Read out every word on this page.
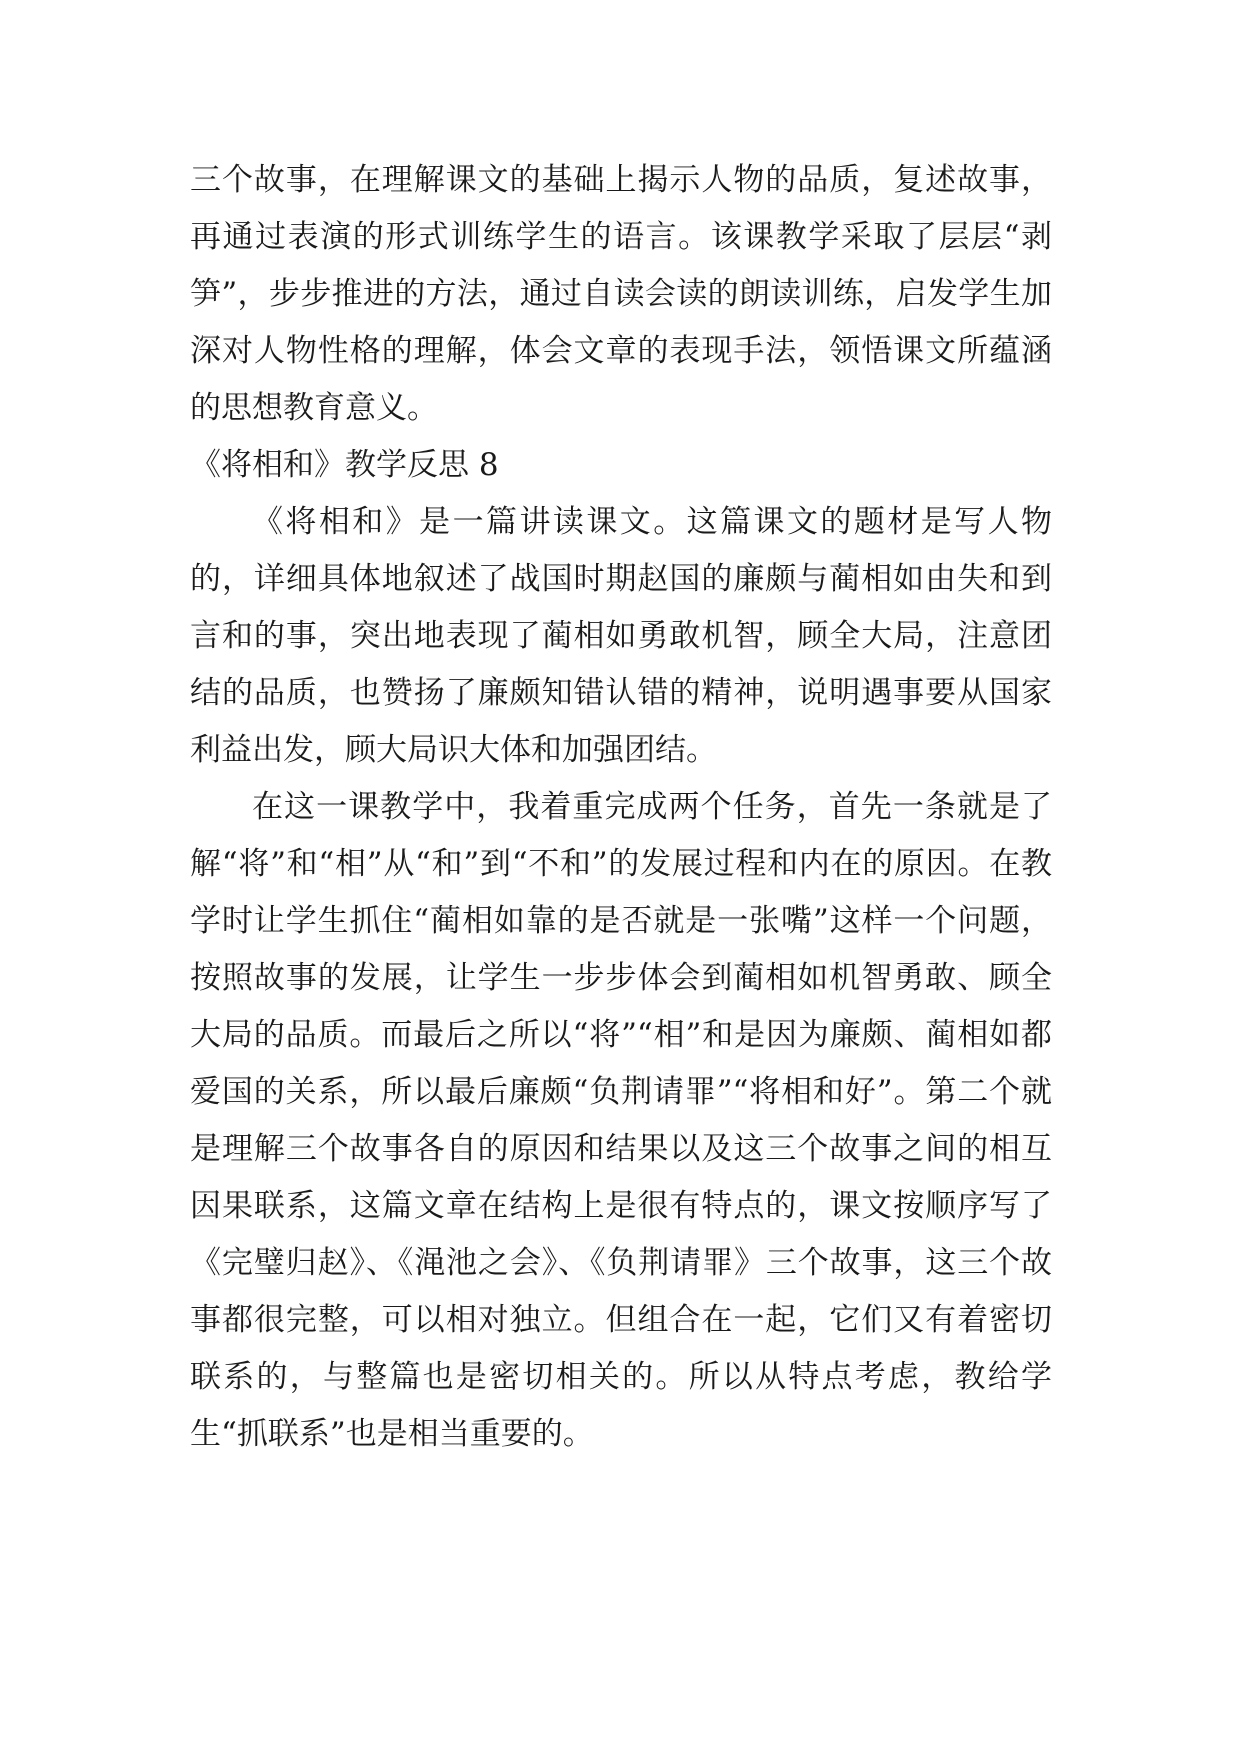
三个故事，在理解课文的基础上揭示人物的品质，复述故事，再通过表演的形式训练学生的语言。该课教学采取了层层“剥笋”，步步推进的方法，通过自读会读的朗读训练，启发学生加深对人物性格的理解，体会文章的表现手法，领悟课文所蕴涵的思想教育意义。

《将相和》教学反思 8

《将相和》是一篇讲读课文。这篇课文的题材是写人物的，详细具体地叙述了战国时期赵国的廉颇与蔺相如由失和到言和的事，突出地表现了蔺相如勇敢机智，顾全大局，注意团结的品质，也赞扬了廉颇知错认错的精神，说明遇事要从国家利益出发，顾大局识大体和加强团结。

在这一课教学中，我着重完成两个任务，首先一条就是了解“将”和“相”从“和”到“不和”的发展过程和内在的原因。在教学时让学生抓住“蔺相如靠的是否就是一张嘴”这样一个问题，按照故事的发展，让学生一步步体会到蔺相如机智勇敢、顾全大局的品质。而最后之所以“将”“相”和是因为廉颇、蔺相如都爱国的关系，所以最后廉颇“负荆请罪”“将相和好”。第二个就是理解三个故事各自的原因和结果以及这三个故事之间的相互因果联系，这篇文章在结构上是很有特点的，课文按顺序写了《完璧归赵》、《渑池之会》、《负荆请罪》三个故事，这三个故事都很完整，可以相对独立。但组合在一起，它们又有着密切联系的，与整篇也是密切相关的。所以从特点考虑，教给学生“抓联系”也是相当重要的。
